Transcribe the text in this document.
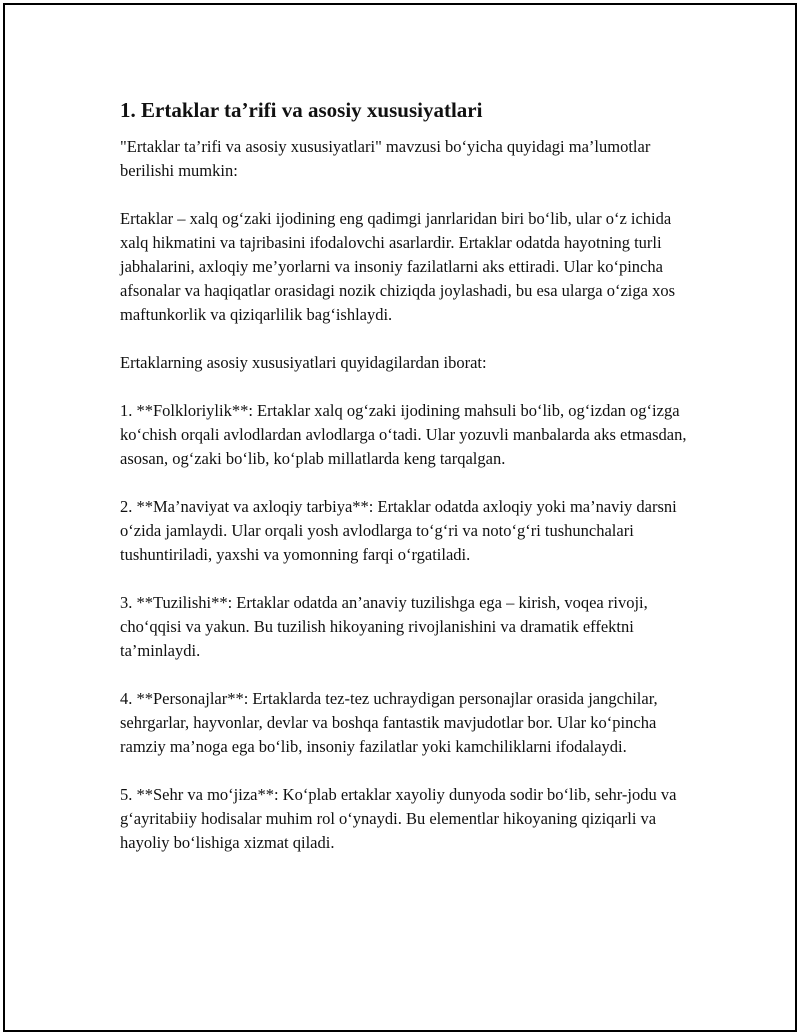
1. Ertaklar ta’rifi va asosiy xususiyatlari

"Ertaklar ta’rifi va asosiy xususiyatlari" mavzusi boʻyicha quyidagi ma’lumotlar berilishi mumkin:

Ertaklar – xalq ogʻzaki ijodining eng qadimgi janrlaridan biri boʻlib, ular oʻz ichida xalq hikmatini va tajribasini ifodalovchi asarlardir. Ertaklar odatda hayotning turli jabhalarini, axloqiy me’yorlarni va insoniy fazilatlarni aks ettiradi. Ular koʻpincha afsonalar va haqiqatlar orasidagi nozik chiziqda joylashadi, bu esa ularga oʻziga xos maftunkorlik va qiziqarlilik bagʻishlaydi.

Ertaklarning asosiy xususiyatlari quyidagilardan iborat:

1. **Folkloriylik**: Ertaklar xalq ogʻzaki ijodining mahsuli boʻlib, ogʻizdan ogʻizga koʻchish orqali avlodlardan avlodlarga oʻtadi. Ular yozuvli manbalarda aks etmasdan, asosan, ogʻzaki boʻlib, koʻplab millatlarda keng tarqalgan.

2. **Ma’naviyat va axloqiy tarbiya**: Ertaklar odatda axloqiy yoki ma’naviy darsni oʻzida jamlaydi. Ular orqali yosh avlodlarga toʻgʻri va notoʻgʻri tushunchalari tushuntiriladi, yaxshi va yomonning farqi oʻrgatiladi.

3. **Tuzilishi**: Ertaklar odatda an’anaviy tuzilishga ega – kirish, voqea rivoji, choʻqqisi va yakun. Bu tuzilish hikoyaning rivojlanishini va dramatik effektni ta’minlaydi.

4. **Personajlar**: Ertaklarda tez-tez uchraydigan personajlar orasida jangchilar, sehrgarlar, hayvonlar, devlar va boshqa fantastik mavjudotlar bor. Ular koʻpincha ramziy ma’noga ega boʻlib, insoniy fazilatlar yoki kamchiliklarni ifodalaydi.

5. **Sehr va moʻjiza**: Koʻplab ertaklar xayoliy dunyoda sodir boʻlib, sehr-jodu va gʻayritabiiy hodisalar muhim rol oʻynaydi. Bu elementlar hikoyaning qiziqarli va hayoliy boʻlishiga xizmat qiladi.
